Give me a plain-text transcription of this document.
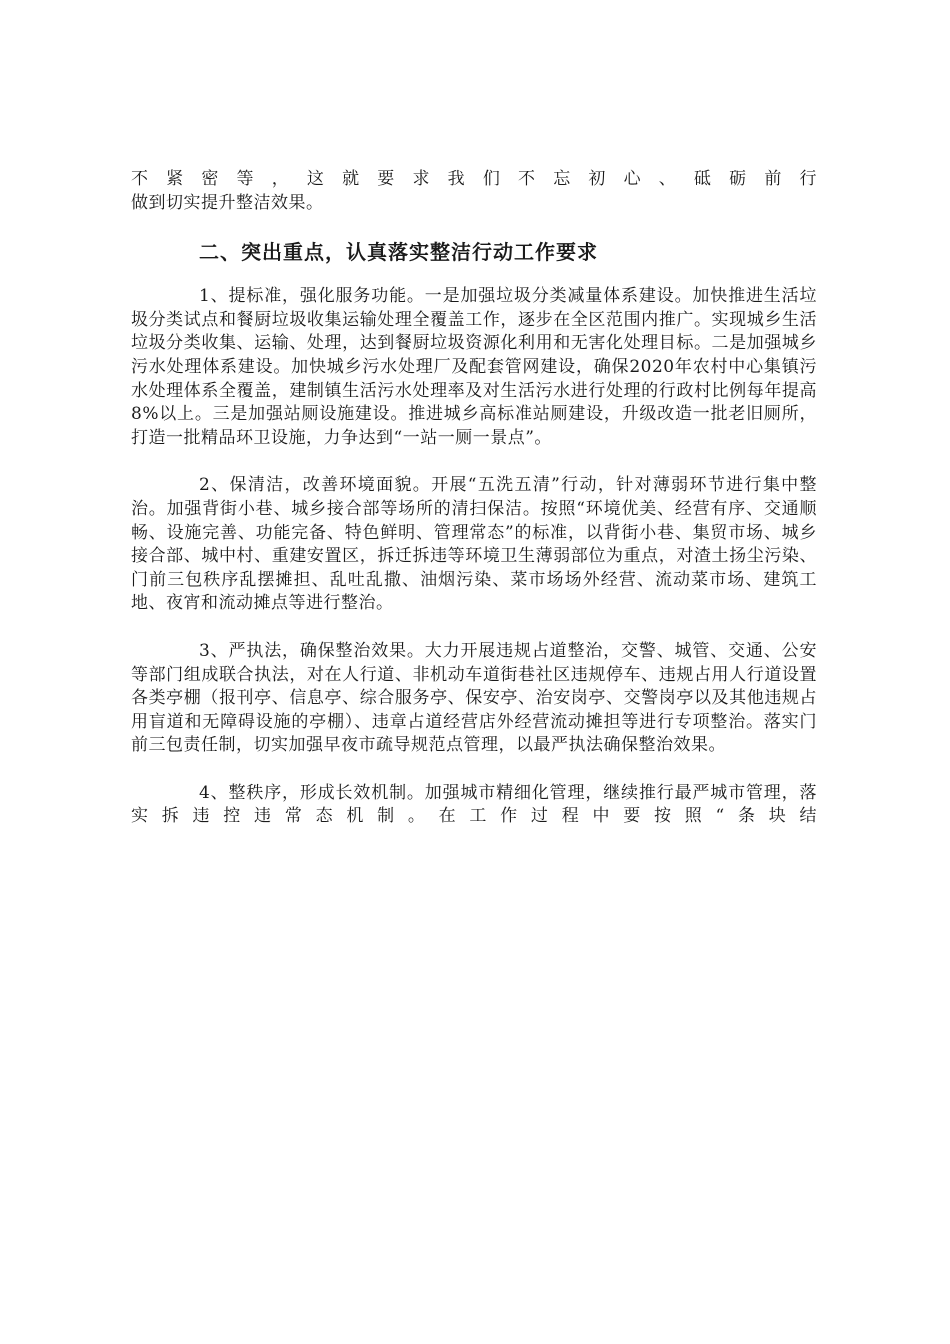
不紧密等，这就要求我们不忘初心、砥砺前行

做到切实提升整洁效果。

二、突出重点，认真落实整洁行动工作要求

1、提标准，强化服务功能。一是加强垃圾分类减量体系建设。加快推进生活垃圾分类试点和餐厨垃圾收集运输处理全覆盖工作，逐步在全区范围内推广。实现城乡生活垃圾分类收集、运输、处理，达到餐厨垃圾资源化利用和无害化处理目标。二是加强城乡污水处理体系建设。加快城乡污水处理厂及配套管网建设，确保2020年农村中心集镇污水处理体系全覆盖，建制镇生活污水处理率及对生活污水进行处理的行政村比例每年提高8%以上。三是加强站厕设施建设。推进城乡高标准站厕建设，升级改造一批老旧厕所，打造一批精品环卫设施，力争达到“一站一厕一景点”。

2、保清洁，改善环境面貌。开展“五洗五清”行动，针对薄弱环节进行集中整治。加强背街小巷、城乡接合部等场所的清扫保洁。按照“环境优美、经营有序、交通顺畅、设施完善、功能完备、特色鲜明、管理常态”的标准，以背街小巷、集贸市场、城乡接合部、城中村、重建安置区，拆迁拆违等环境卫生薄弱部位为重点，对渣土扬尘污染、门前三包秩序乱摆摊担、乱吐乱撒、油烟污染、菜市场场外经营、流动菜市场、建筑工地、夜宵和流动摊点等进行整治。

3、严执法，确保整治效果。大力开展违规占道整治，交警、城管、交通、公安等部门组成联合执法，对在人行道、非机动车道街巷社区违规停车、违规占用人行道设置各类亭棚（报刊亭、信息亭、综合服务亭、保安亭、治安岗亭、交警岗亭以及其他违规占用盲道和无障碍设施的亭棚）、违章占道经营店外经营流动摊担等进行专项整治。落实门前三包责任制，切实加强早夜市疏导规范点管理，以最严执法确保整治效果。

4、整秩序，形成长效机制。加强城市精细化管理，继续推行最严城市管理，落实拆违控违常态机制。在工作过程中要按照“条块结
